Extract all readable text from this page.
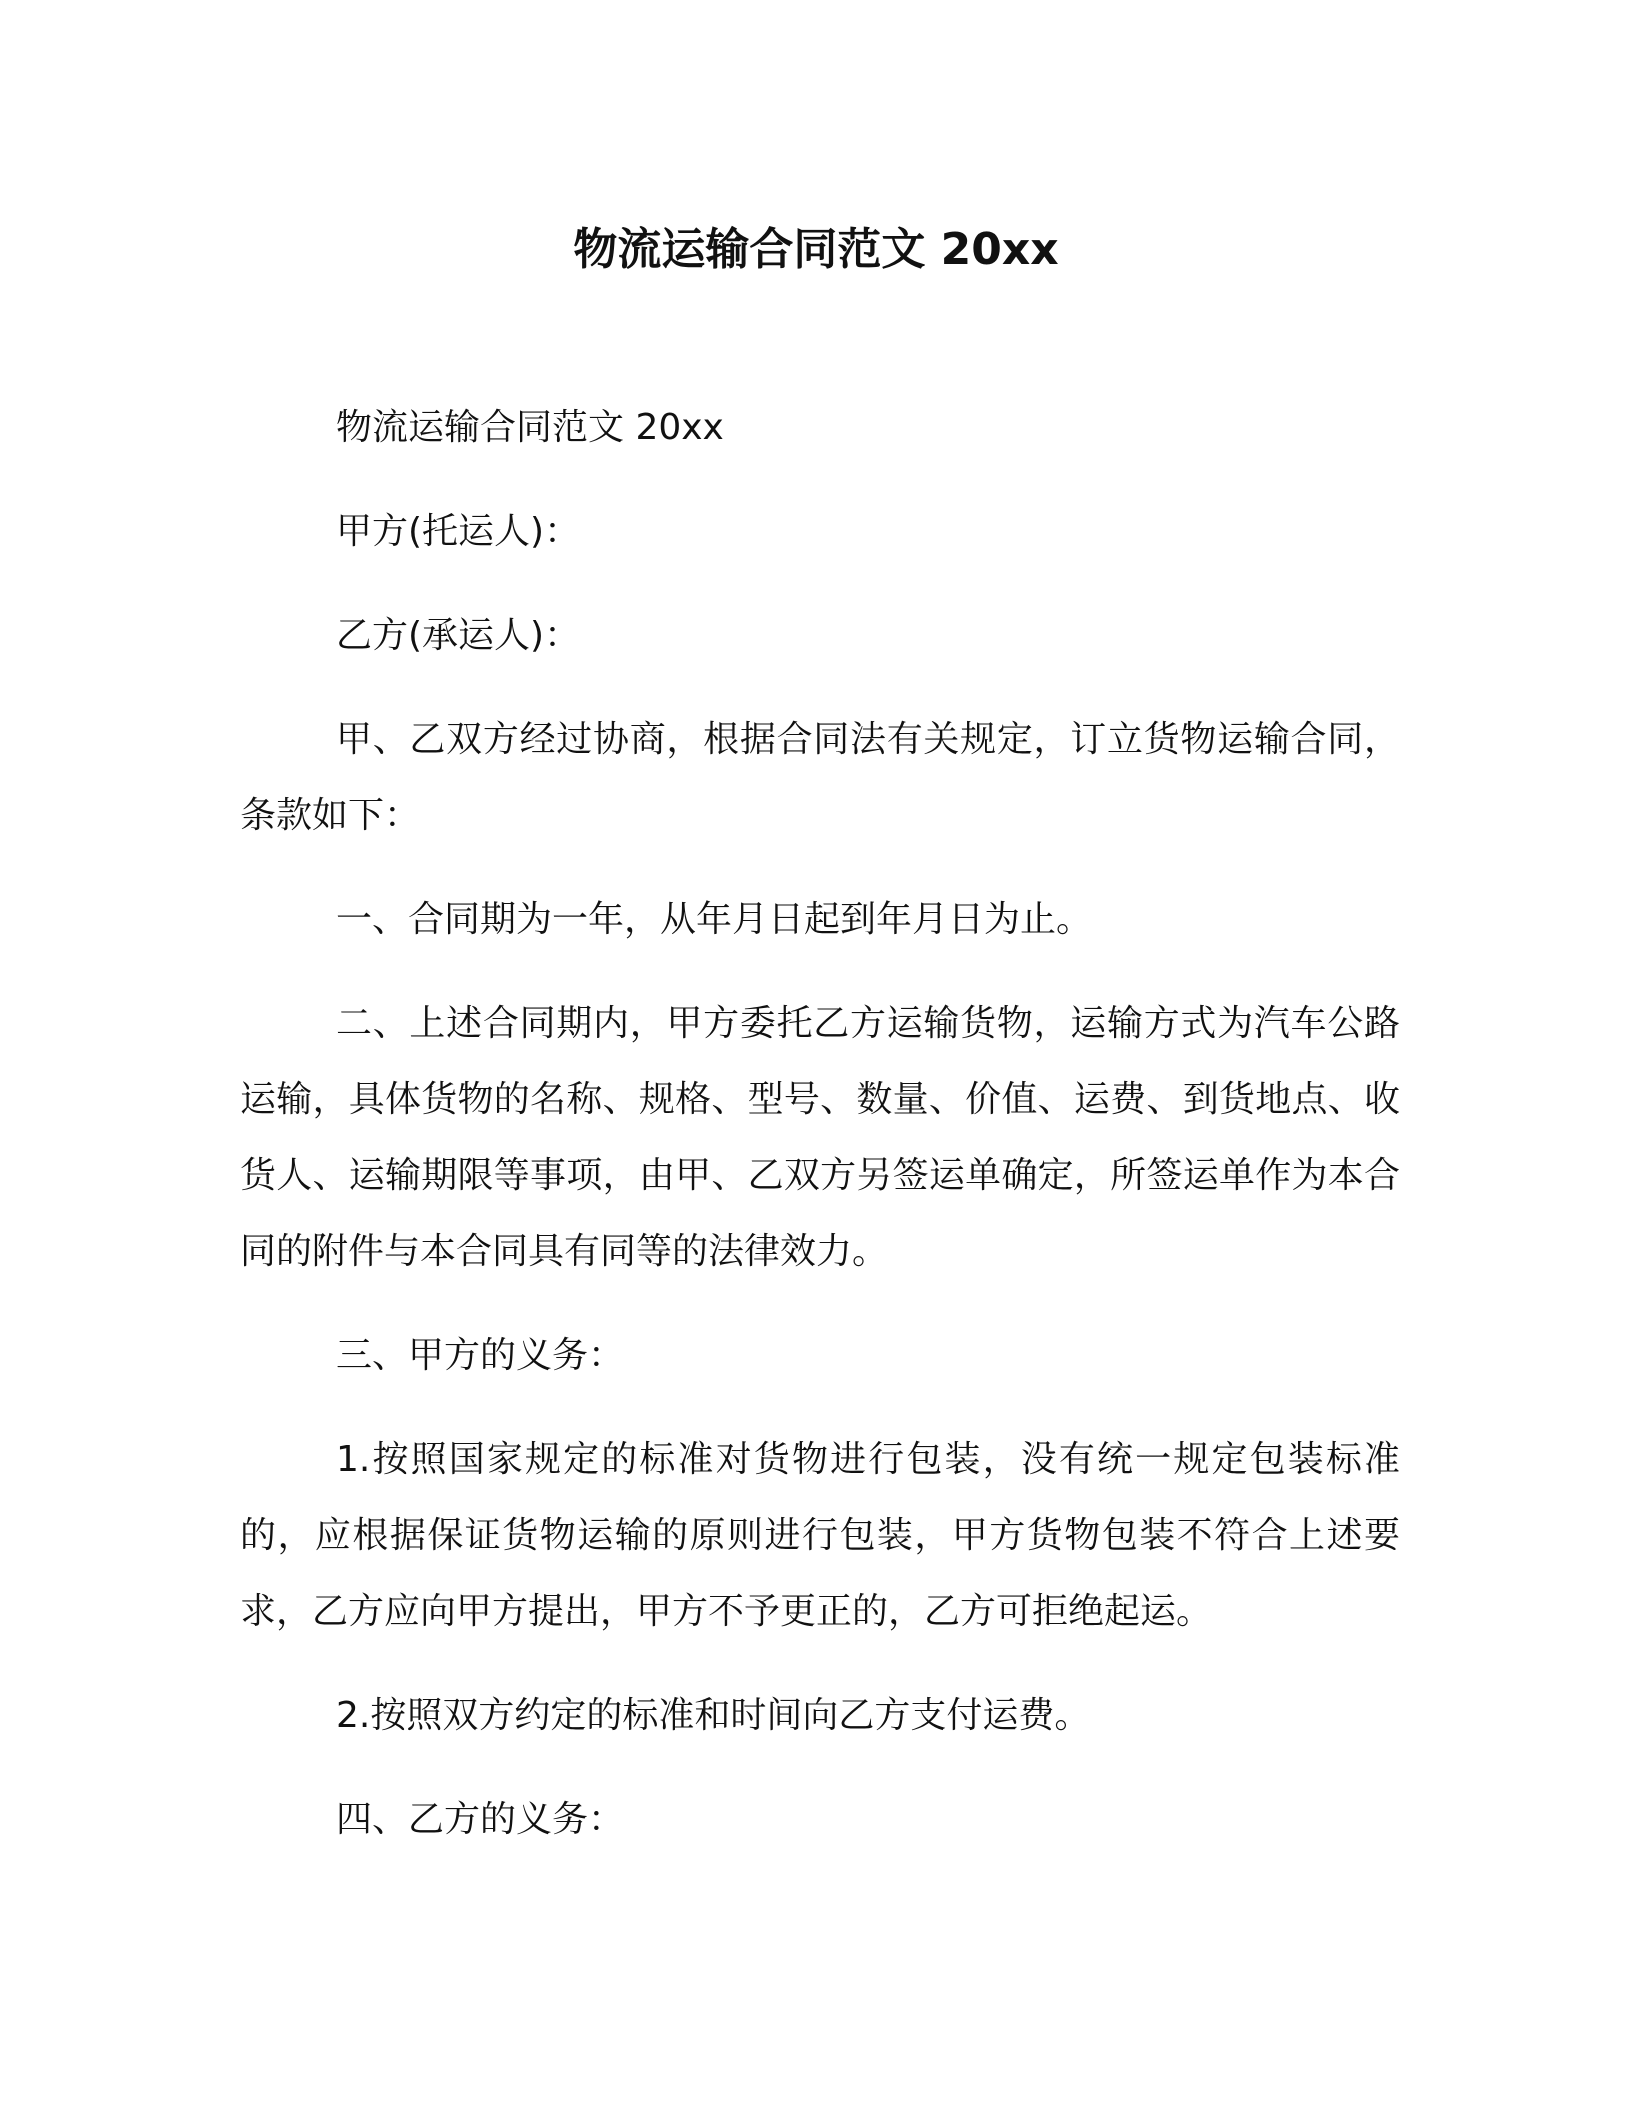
物流运输合同范文 20xx

物流运输合同范文 20xx

甲方(托运人)：

乙方(承运人)：

甲、乙双方经过协商，根据合同法有关规定，订立货物运输合同，条款如下：

一、合同期为一年，从年月日起到年月日为止。

二、上述合同期内，甲方委托乙方运输货物，运输方式为汽车公路运输，具体货物的名称、规格、型号、数量、价值、运费、到货地点、收货人、运输期限等事项，由甲、乙双方另签运单确定，所签运单作为本合同的附件与本合同具有同等的法律效力。

三、甲方的义务：

1.按照国家规定的标准对货物进行包装，没有统一规定包装标准的，应根据保证货物运输的原则进行包装，甲方货物包装不符合上述要求，乙方应向甲方提出，甲方不予更正的，乙方可拒绝起运。

2.按照双方约定的标准和时间向乙方支付运费。

四、乙方的义务：
